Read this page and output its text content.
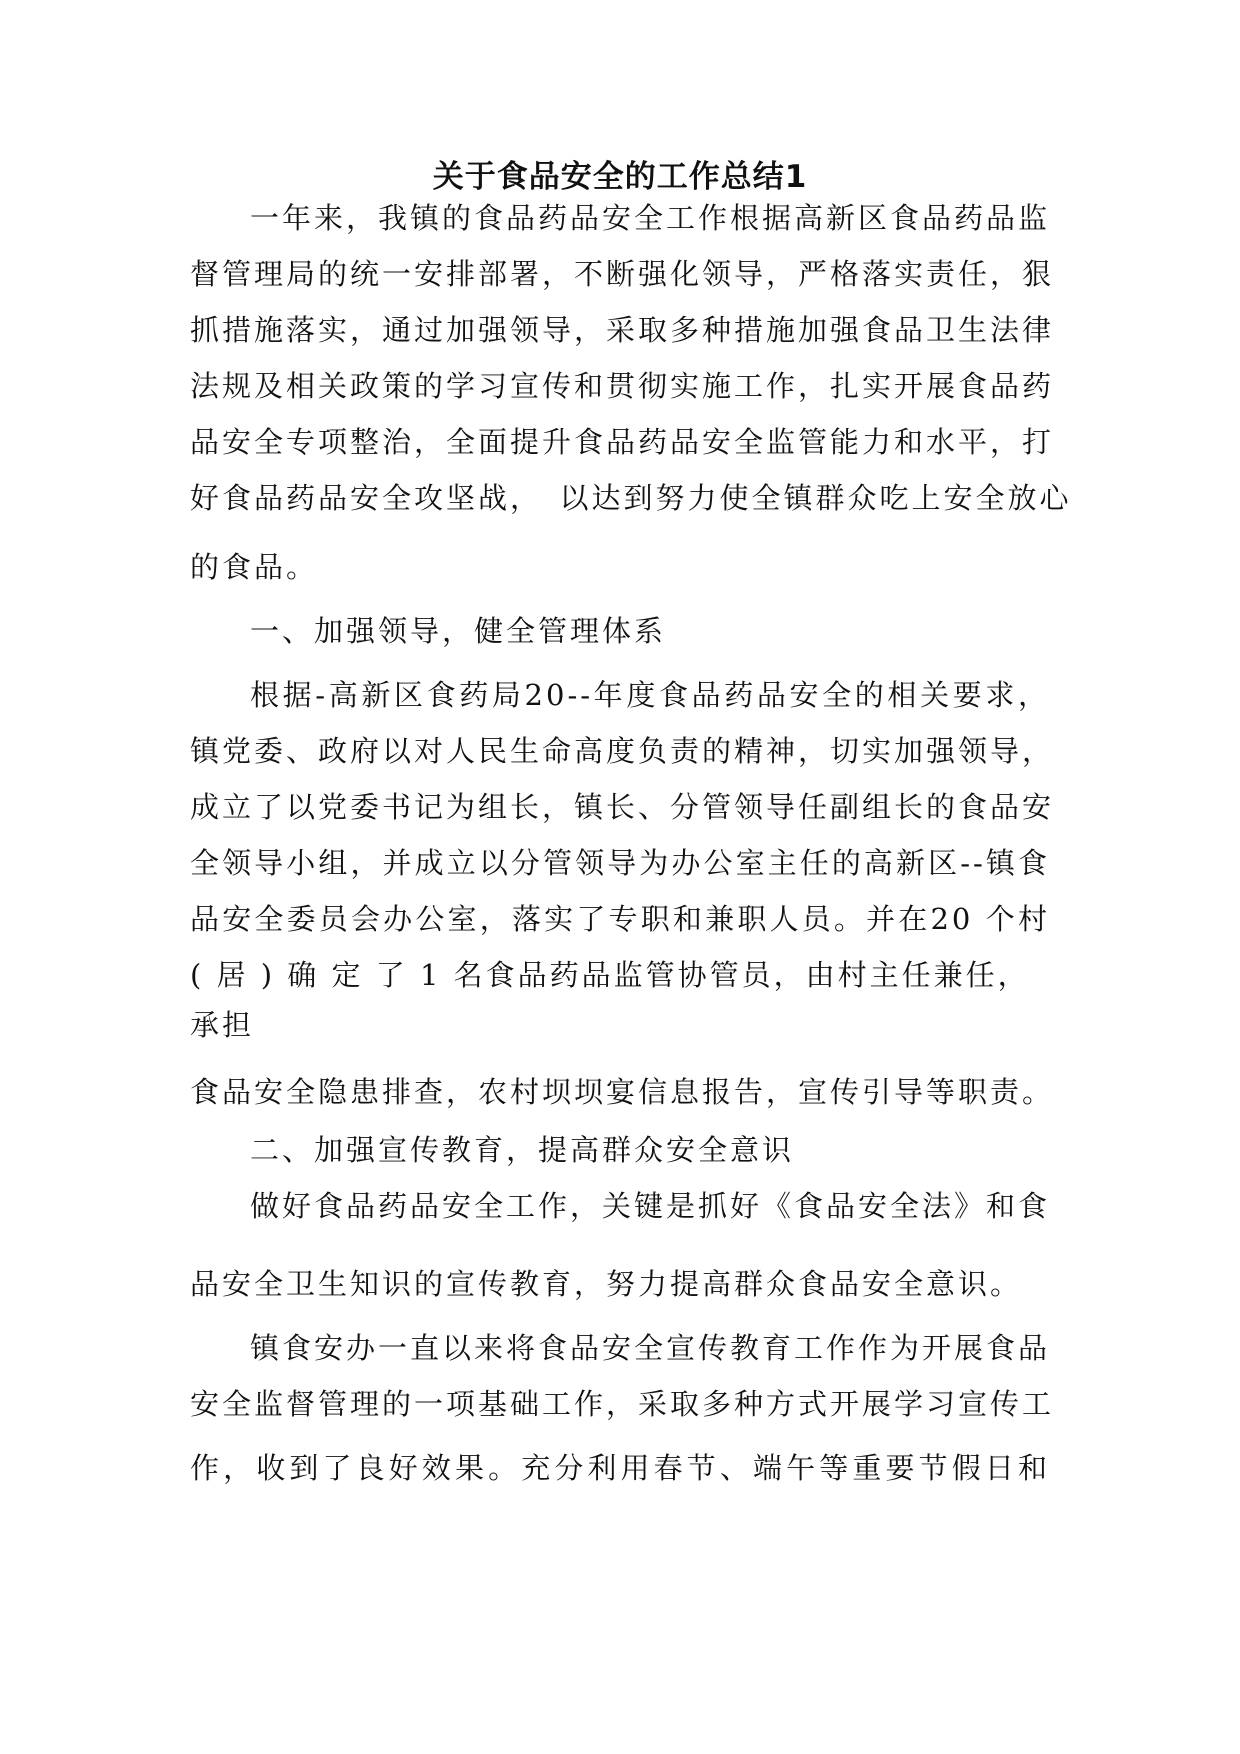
关于食品安全的工作总结1
一年来，我镇的食品药品安全工作根据高新区食品药品监
督管理局的统一安排部署，不断强化领导，严格落实责任，狠
抓措施落实，通过加强领导，采取多种措施加强食品卫生法律
法规及相关政策的学习宣传和贯彻实施工作，扎实开展食品药
品安全专项整治，全面提升食品药品安全监管能力和水平，打
好食品药品安全攻坚战，　以达到努力使全镇群众吃上安全放心
的食品。
一、加强领导，健全管理体系
根据-高新区食药局20--年度食品药品安全的相关要求，
镇党委、政府以对人民生命高度负责的精神，切实加强领导，
成立了以党委书记为组长，镇长、分管领导任副组长的食品安
全领导小组，并成立以分管领导为办公室主任的高新区--镇食
品安全委员会办公室，落实了专职和兼职人员。并在20 个村
( 居 ) 确 定 了 1 名食品药品监管协管员，由村主任兼任，
承担
食品安全隐患排查，农村坝坝宴信息报告，宣传引导等职责。
二、加强宣传教育，提高群众安全意识
做好食品药品安全工作，关键是抓好《食品安全法》和食
品安全卫生知识的宣传教育，努力提高群众食品安全意识。
镇食安办一直以来将食品安全宣传教育工作作为开展食品
安全监督管理的一项基础工作，采取多种方式开展学习宣传工
作，收到了良好效果。充分利用春节、端午等重要节假日和
